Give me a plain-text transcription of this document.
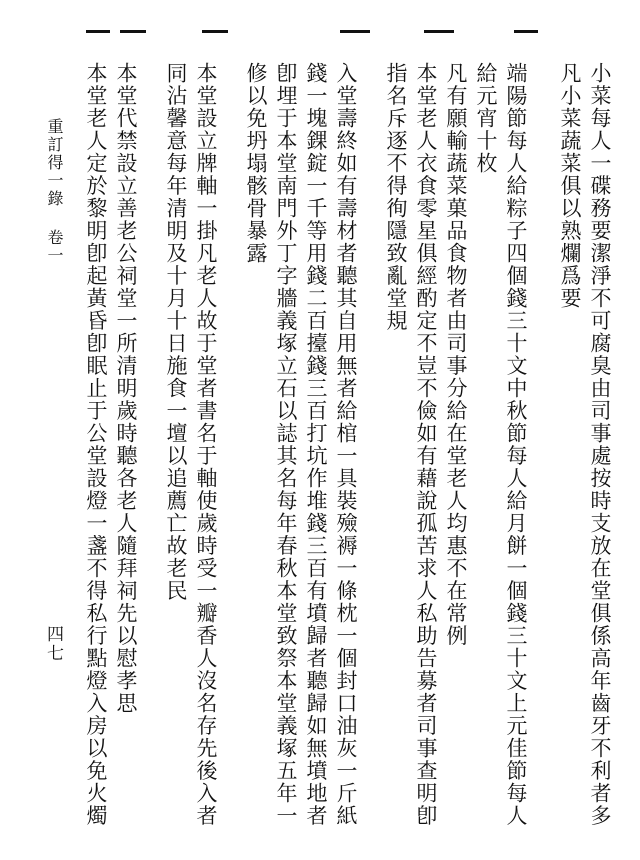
小菜每人一碟務要潔淨不可腐臭由司事處按時支放在堂俱係高年齒牙不利者多
凡小菜蔬菜俱以熟爛爲要
端陽節每人給粽子四個錢三十文中秋節每人給月餅一個錢三十文上元佳節每人
給元宵十枚
凡有願輸蔬菜菓品食物者由司事分給在堂老人均惠不在常例
本堂老人衣食零星俱經酌定不豈不儉如有藉說孤苦求人私助告募者司事查明卽
指名斥逐不得徇隱致亂堂規
入堂壽終如有壽材者聽其自用無者給棺一具裝殮褥一條枕一個封口油灰一斤紙
錢一塊錁錠一千等用錢二百擡錢三百打坑作堆錢三百有墳歸者聽歸如無墳地者
卽埋于本堂南門外丁字牆義塚立石以誌其名每年春秋本堂致祭本堂義塚五年一
修以免坍塌骸骨暴露
本堂設立牌軸一掛凡老人故于堂者書名于軸使歲時受一瓣香人沒名存先後入者
同沾馨意每年清明及十月十日施食一壇以追薦亡故老民
本堂代禁設立善老公祠堂一所清明歲時聽各老人隨拜祠先以慰孝思
本堂老人定於黎明卽起黃昏卽眠止于公堂設燈一盞不得私行點燈入房以免火燭
重訂得一錄 卷一
四七
